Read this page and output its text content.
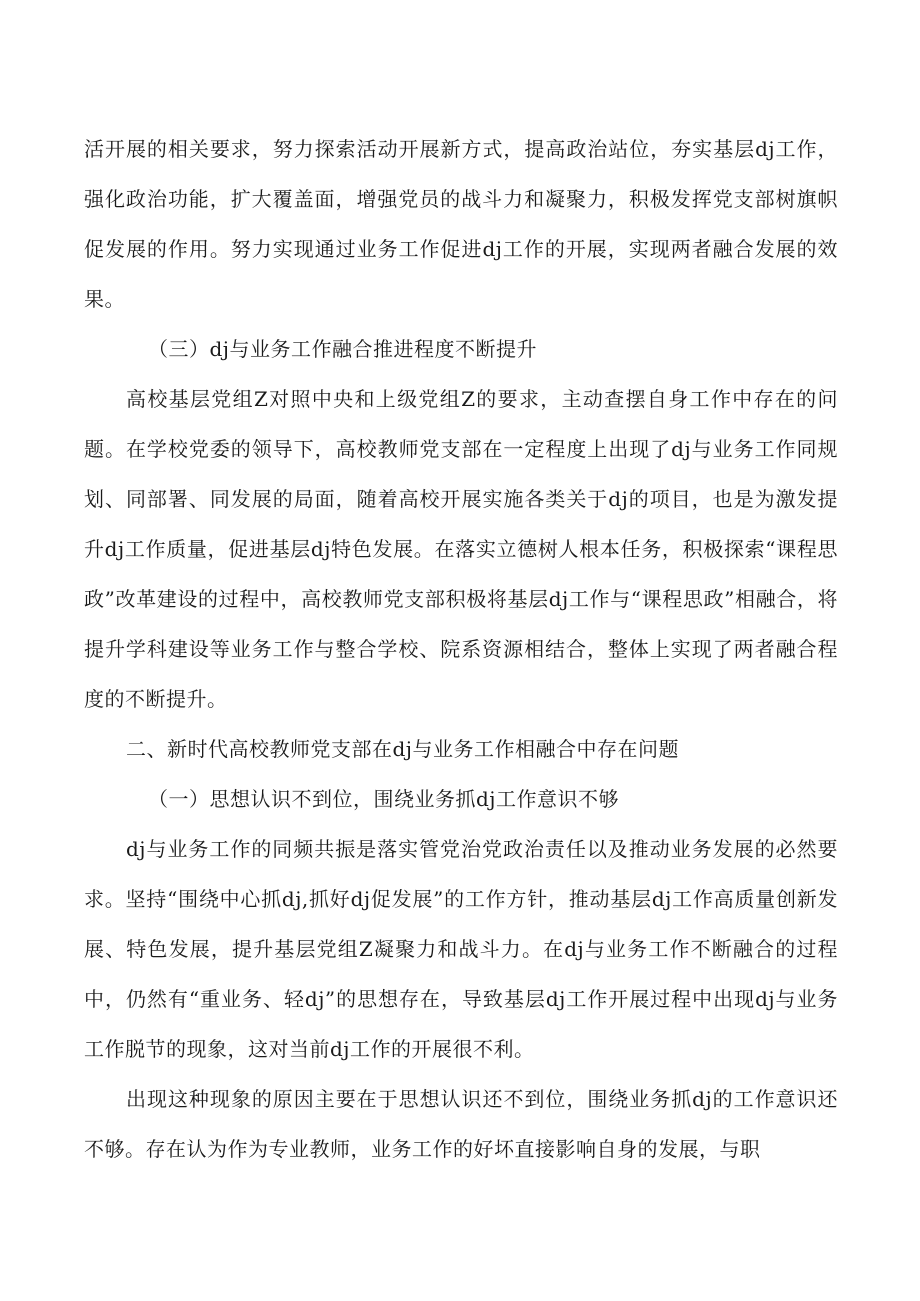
活开展的相关要求，努力探索活动开展新方式，提高政治站位，夯实基层dj工作，强化政治功能，扩大覆盖面，增强党员的战斗力和凝聚力，积极发挥党支部树旗帜促发展的作用。努力实现通过业务工作促进dj工作的开展，实现两者融合发展的效果。

（三）dj与业务工作融合推进程度不断提升

高校基层党组Z对照中央和上级党组Z的要求，主动查摆自身工作中存在的问题。在学校党委的领导下，高校教师党支部在一定程度上出现了dj与业务工作同规划、同部署、同发展的局面，随着高校开展实施各类关于dj的项目，也是为激发提升dj工作质量，促进基层dj特色发展。在落实立德树人根本任务，积极探索“课程思政”改革建设的过程中，高校教师党支部积极将基层dj工作与“课程思政”相融合，将提升学科建设等业务工作与整合学校、院系资源相结合，整体上实现了两者融合程度的不断提升。

二、新时代高校教师党支部在dj与业务工作相融合中存在问题

（一）思想认识不到位，围绕业务抓dj工作意识不够

dj与业务工作的同频共振是落实管党治党政治责任以及推动业务发展的必然要求。坚持“围绕中心抓dj,抓好dj促发展”的工作方针，推动基层dj工作高质量创新发展、特色发展，提升基层党组Z凝聚力和战斗力。在dj与业务工作不断融合的过程中，仍然有“重业务、轻dj”的思想存在，导致基层dj工作开展过程中出现dj与业务工作脱节的现象，这对当前dj工作的开展很不利。

出现这种现象的原因主要在于思想认识还不到位，围绕业务抓dj的工作意识还不够。存在认为作为专业教师，业务工作的好坏直接影响自身的发展，与职
